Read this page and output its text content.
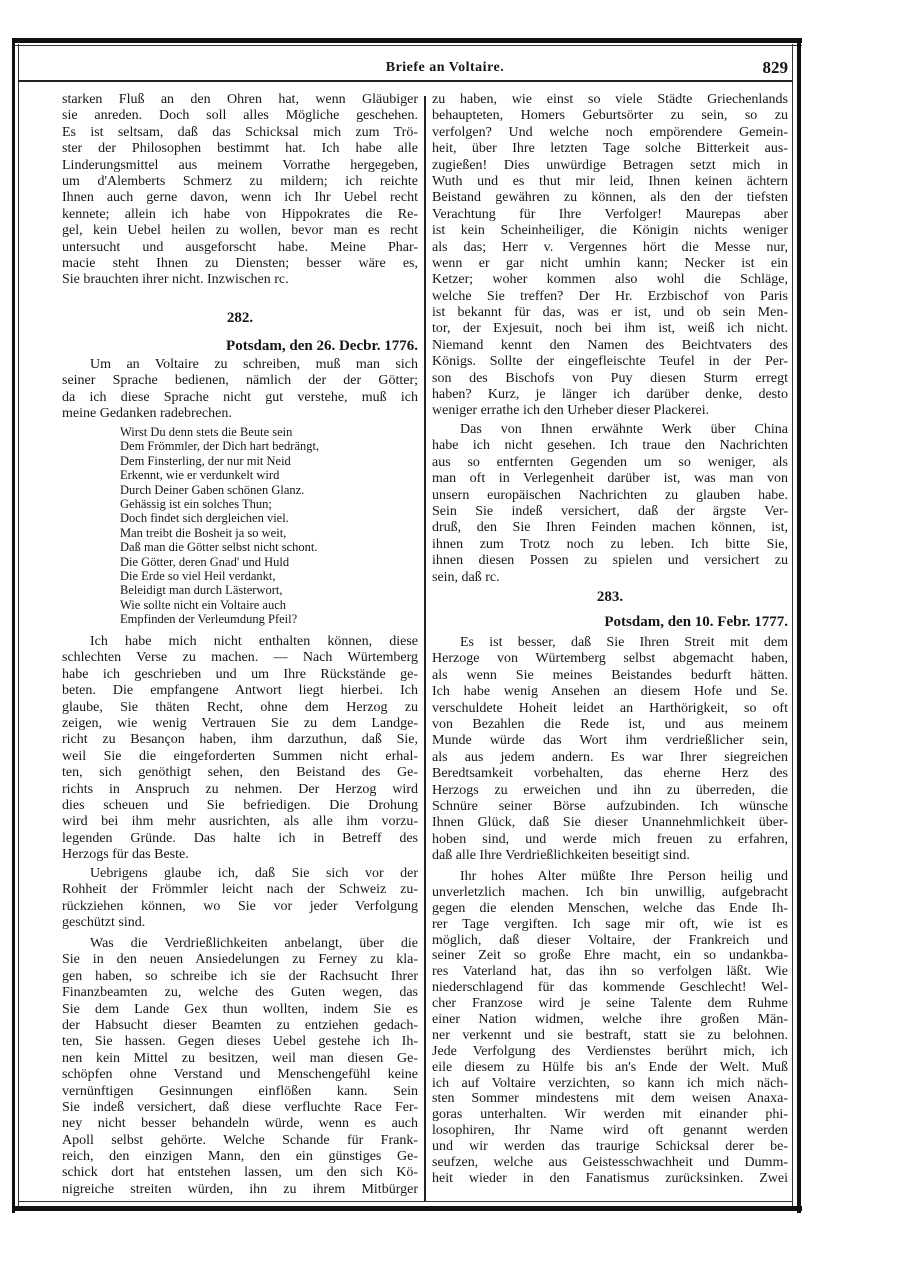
Briefe an Voltaire.	829
starken Fluß an den Ohren hat, wenn Gläubiger
sie anreden. Doch soll alles Mögliche geschehen.
Es ist seltsam, daß das Schicksal mich zum Trö-
ster der Philosophen bestimmt hat. Ich habe alle
Linderungsmittel aus meinem Vorrathe hergegeben,
um d'Alemberts Schmerz zu mildern; ich reichte
Ihnen auch gerne davon, wenn ich Ihr Uebel recht
kennete; allein ich habe von Hippokrates die Re-
gel, kein Uebel heilen zu wollen, bevor man es recht
untersucht und ausgeforscht habe. Meine Phar-
macie steht Ihnen zu Diensten; besser wäre es,
Sie brauchten ihrer nicht. Inzwischen rc.
282.
Potsdam, den 26. Decbr. 1776.
Um an Voltaire zu schreiben, muß man sich
seiner Sprache bedienen, nämlich der der Götter;
da ich diese Sprache nicht gut verstehe, muß ich
meine Gedanken radebrechen.
Wirst Du denn stets die Beute sein
Dem Frömmler, der Dich hart bedrängt,
Dem Finsterling, der nur mit Neid
Erkennt, wie er verdunkelt wird
Durch Deiner Gaben schönen Glanz.
Gehässig ist ein solches Thun;
Doch findet sich dergleichen viel.
Man treibt die Bosheit ja so weit,
Daß man die Götter selbst nicht schont.
Die Götter, deren Gnad' und Huld
Die Erde so viel Heil verdankt,
Beleidigt man durch Lästerwort,
Wie sollte nicht ein Voltaire auch
Empfinden der Verleumdung Pfeil?
Ich habe mich nicht enthalten können, diese
schlechten Verse zu machen. — Nach Würtemberg
habe ich geschrieben und um Ihre Rückstände ge-
beten. Die empfangene Antwort liegt hierbei. Ich
glaube, Sie thäten Recht, ohne dem Herzog zu
zeigen, wie wenig Vertrauen Sie zu dem Landge-
richt zu Besançon haben, ihm darzuthun, daß Sie,
weil Sie die eingeforderten Summen nicht erhal-
ten, sich genöthigt sehen, den Beistand des Ge-
richts in Anspruch zu nehmen. Der Herzog wird
dies scheuen und Sie befriedigen. Die Drohung
wird bei ihm mehr ausrichten, als alle ihm vorzu-
legenden Gründe. Das halte ich in Betreff des
Herzogs für das Beste.
Uebrigens glaube ich, daß Sie sich vor der
Rohheit der Frömmler leicht nach der Schweiz zu-
rückziehen können, wo Sie vor jeder Verfolgung
geschützt sind.
Was die Verdrießlichkeiten anbelangt, über die
Sie in den neuen Ansiedelungen zu Ferney zu kla-
gen haben, so schreibe ich sie der Rachsucht Ihrer
Finanzbeamten zu, welche des Guten wegen, das
Sie dem Lande Gex thun wollten, indem Sie es
der Habsucht dieser Beamten zu entziehen gedach-
ten, Sie hassen. Gegen dieses Uebel gestehe ich Ih-
nen kein Mittel zu besitzen, weil man diesen Ge-
schöpfen ohne Verstand und Menschengefühl keine
vernünftigen Gesinnungen einflößen kann. Sein
Sie indeß versichert, daß diese verfluchte Race Fer-
ney nicht besser behandeln würde, wenn es auch
Apoll selbst gehörte. Welche Schande für Frank-
reich, den einzigen Mann, den ein günstiges Ge-
schick dort hat entstehen lassen, um den sich Kö-
nigreiche streiten würden, ihn zu ihrem Mitbürger
zu haben, wie einst so viele Städte Griechenlands
behaupteten, Homers Geburtsörter zu sein, so zu
verfolgen? Und welche noch empörendere Gemein-
heit, über Ihre letzten Tage solche Bitterkeit aus-
zugießen! Dies unwürdige Betragen setzt mich in
Wuth und es thut mir leid, Ihnen keinen ächtern
Beistand gewähren zu können, als den der tiefsten
Verachtung für Ihre Verfolger! Maurepas aber
ist kein Scheinheiliger, die Königin nichts weniger
als das; Herr v. Vergennes hört die Messe nur,
wenn er gar nicht umhin kann; Necker ist ein
Ketzer; woher kommen also wohl die Schläge,
welche Sie treffen? Der Hr. Erzbischof von Paris
ist bekannt für das, was er ist, und ob sein Men-
tor, der Exjesuit, noch bei ihm ist, weiß ich nicht.
Niemand kennt den Namen des Beichtvaters des
Königs. Sollte der eingefleischte Teufel in der Per-
son des Bischofs von Puy diesen Sturm erregt
haben? Kurz, je länger ich darüber denke, desto
weniger errathe ich den Urheber dieser Plackerei.
Das von Ihnen erwähnte Werk über China
habe ich nicht gesehen. Ich traue den Nachrichten
aus so entfernten Gegenden um so weniger, als
man oft in Verlegenheit darüber ist, was man von
unsern europäischen Nachrichten zu glauben habe.
Sein Sie indeß versichert, daß der ärgste Ver-
druß, den Sie Ihren Feinden machen können, ist,
ihnen zum Trotz noch zu leben. Ich bitte Sie,
ihnen diesen Possen zu spielen und versichert zu
sein, daß rc.
283.
Potsdam, den 10. Febr. 1777.
Es ist besser, daß Sie Ihren Streit mit dem
Herzoge von Würtemberg selbst abgemacht haben,
als wenn Sie meines Beistandes bedurft hätten.
Ich habe wenig Ansehen an diesem Hofe und Se.
verschuldete Hoheit leidet an Harthörigkeit, so oft
von Bezahlen die Rede ist, und aus meinem
Munde würde das Wort ihm verdrießlicher sein,
als aus jedem andern. Es war Ihrer siegreichen
Beredtsamkeit vorbehalten, das eherne Herz des
Herzogs zu erweichen und ihn zu überreden, die
Schnüre seiner Börse aufzubinden. Ich wünsche
Ihnen Glück, daß Sie dieser Unannehmlichkeit über-
hoben sind, und werde mich freuen zu erfahren,
daß alle Ihre Verdrießlichkeiten beseitigt sind.
Ihr hohes Alter müßte Ihre Person heilig und
unverletzlich machen. Ich bin unwillig, aufgebracht
gegen die elenden Menschen, welche das Ende Ih-
rer Tage vergiften. Ich sage mir oft, wie ist es
möglich, daß dieser Voltaire, der Frankreich und
seiner Zeit so große Ehre macht, ein so undankba-
res Vaterland hat, das ihn so verfolgen läßt. Wie
niederschlagend für das kommende Geschlecht! Wel-
cher Franzose wird je seine Talente dem Ruhme
einer Nation widmen, welche ihre großen Män-
ner verkennt und sie bestraft, statt sie zu belohnen.
Jede Verfolgung des Verdienstes berührt mich, ich
eile diesem zu Hülfe bis an's Ende der Welt. Muß
ich auf Voltaire verzichten, so kann ich mich näch-
sten Sommer mindestens mit dem weisen Anaxa-
goras unterhalten. Wir werden mit einander phi-
losophiren, Ihr Name wird oft genannt werden
und wir werden das traurige Schicksal derer be-
seufzen, welche aus Geistesschwachheit und Dumm-
heit wieder in den Fanatismus zurücksinken. Zwei
